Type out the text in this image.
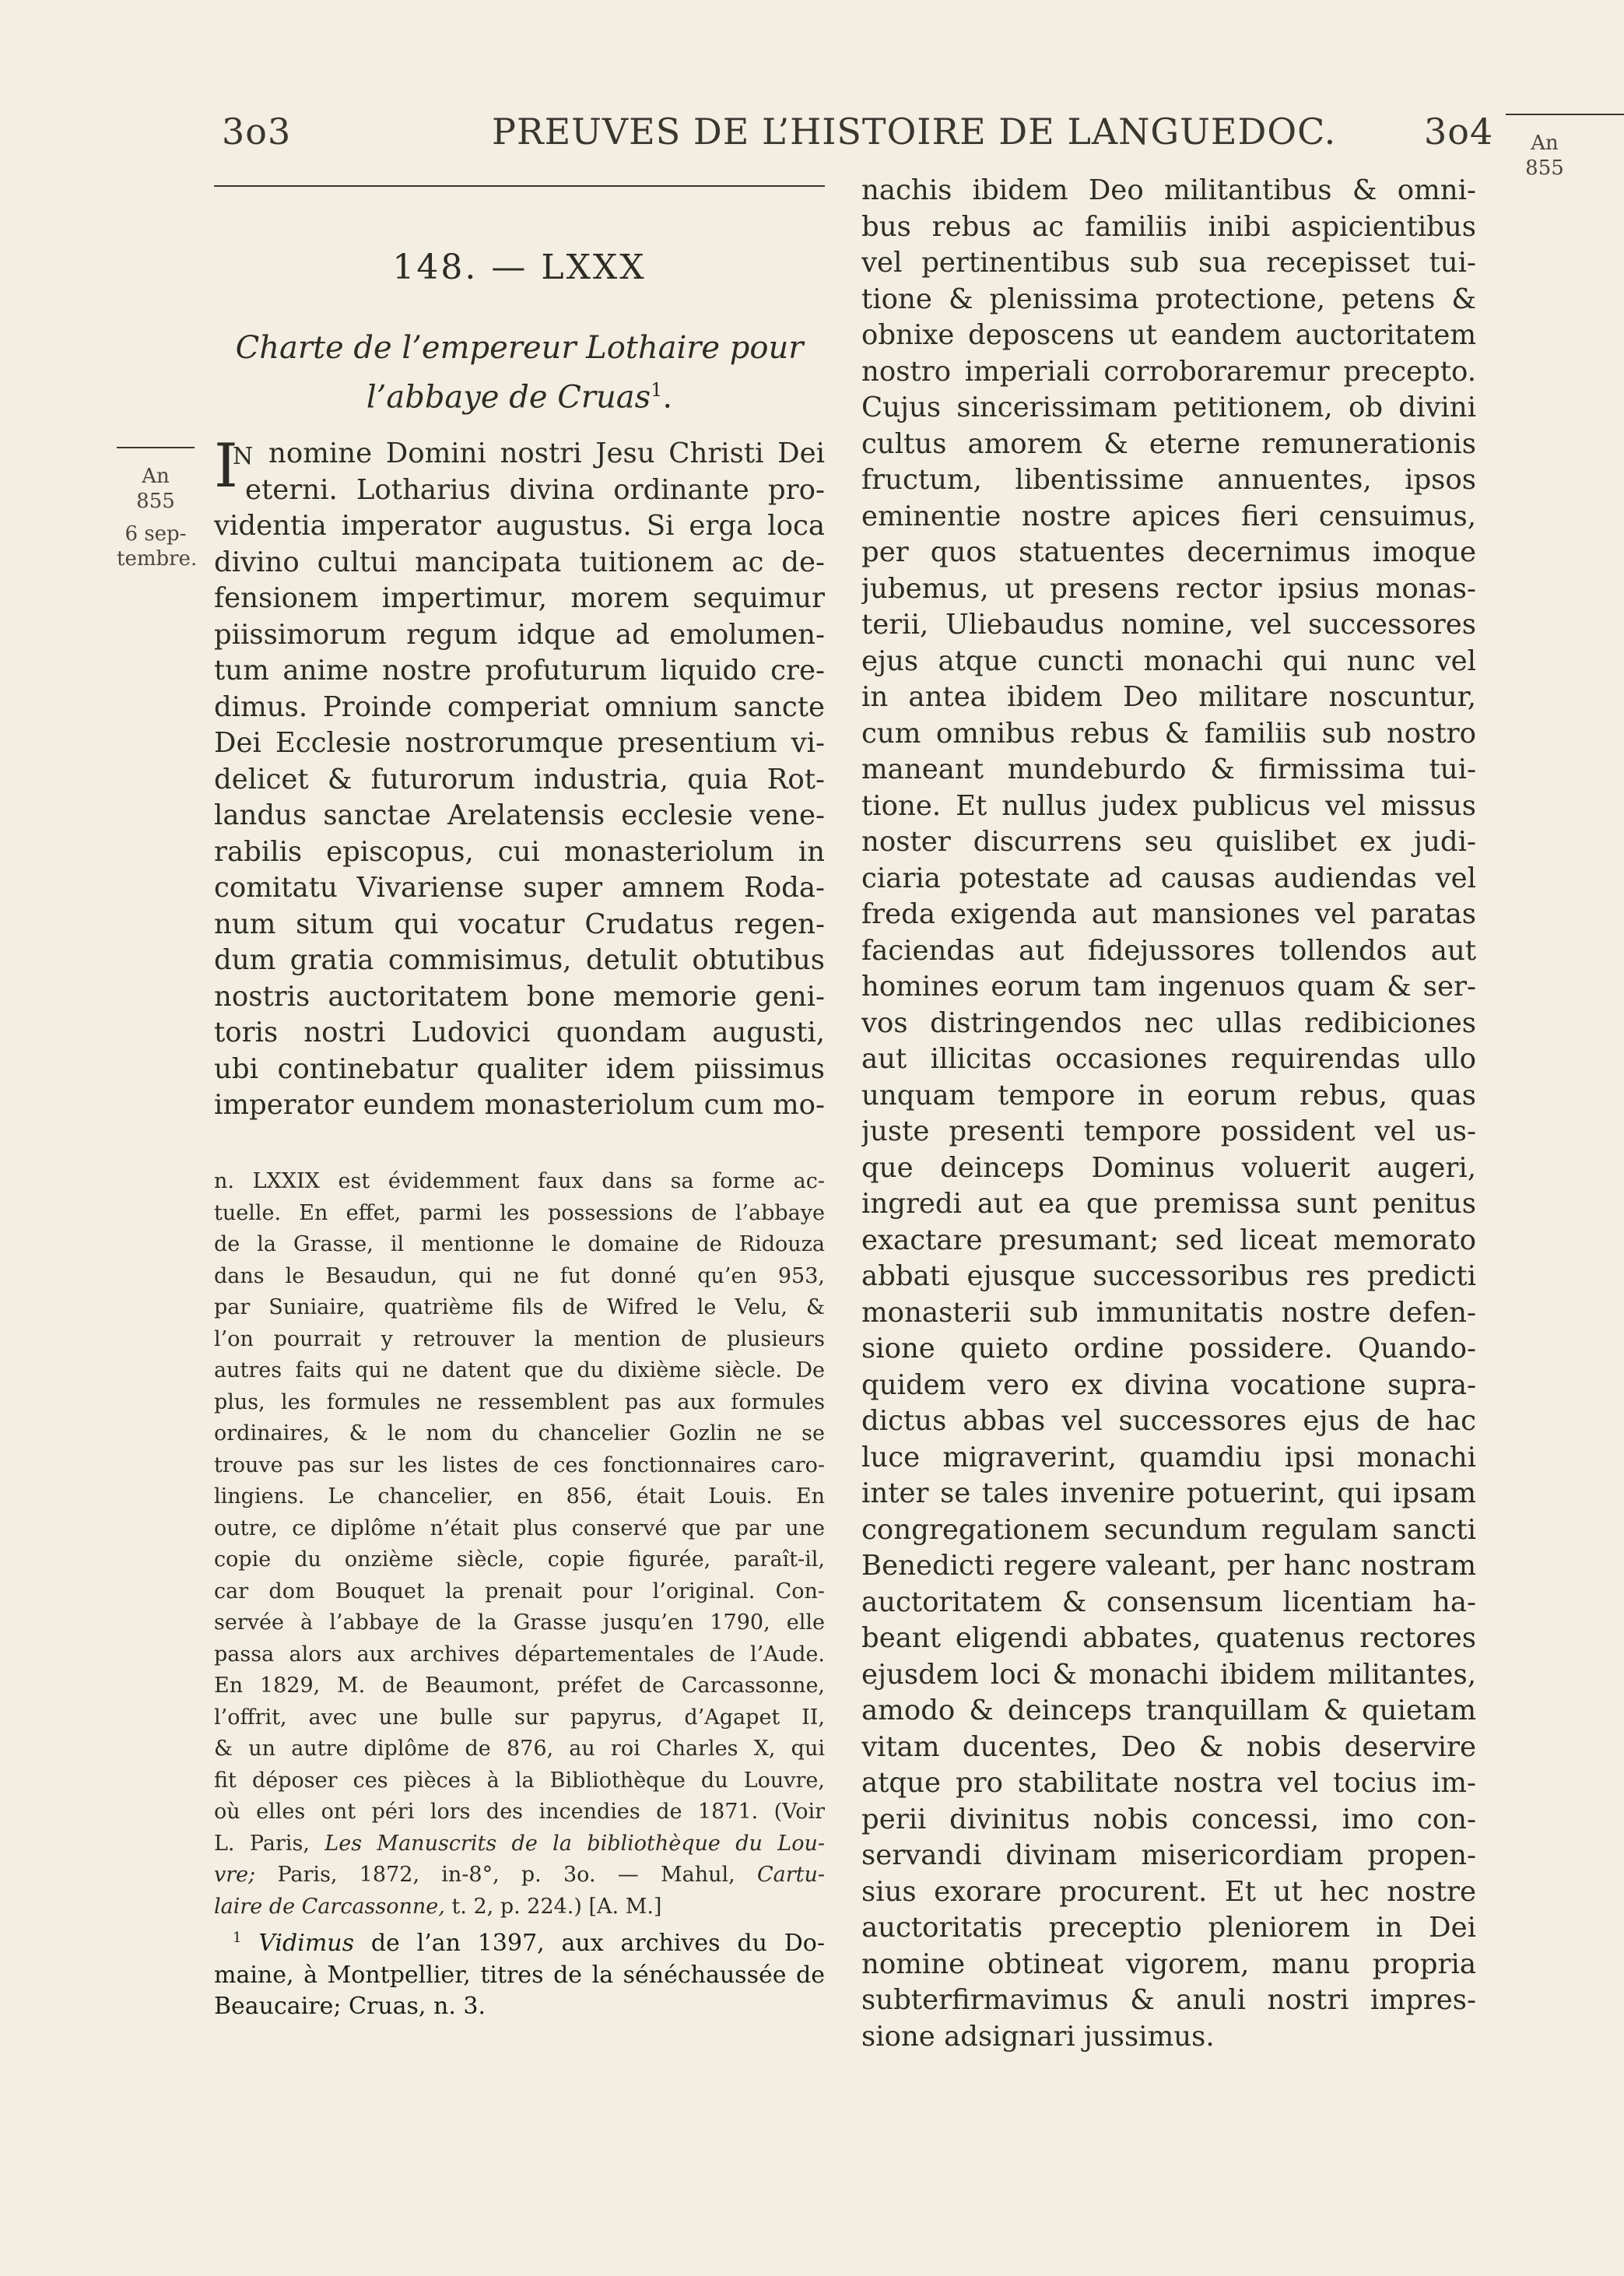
3o3	PREUVES DE L’HISTOIRE DE LANGUEDOC. 3o4	An
855
148. — LXXX
Charte de l’empereur Lothaire pour
l’abbaye de Cruas$^1$.
An
855
6 sep-
tembre.
I
N nomine Domini nostri Jesu Christi Dei
eterni. Lotharius divina ordinante pro-
videntia imperator augustus. Si erga loca
divino cultui mancipata tuitionem ac de-
fensionem impertimur, morem sequimur
piissimorum regum idque ad emolumen-
tum anime nostre profuturum liquido cre-
dimus. Proinde comperiat omnium sancte
Dei Ecclesie nostrorumque presentium vi-
delicet & futurorum industria, quia Rot-
landus sanctae Arelatensis ecclesie vene-
rabilis episcopus, cui monasteriolum in
comitatu Vivariense super amnem Roda-
num situm qui vocatur Crudatus regen-
dum gratia commisimus, detulit obtutibus
nostris auctoritatem bone memorie geni-
toris nostri Ludovici quondam augusti,
ubi continebatur qualiter idem piissimus
imperator eundem monasteriolum cum mo-
n. LXXIX est évidemment faux dans sa forme ac-
tuelle. En effet, parmi les possessions de l’abbaye
de la Grasse, il mentionne le domaine de Ridouza
dans le Besaudun, qui ne fut donné qu’en 953,
par Suniaire, quatrième fils de Wifred le Velu, &
l’on pourrait y retrouver la mention de plusieurs
autres faits qui ne datent que du dixième siècle. De
plus, les formules ne ressemblent pas aux formules
ordinaires, & le nom du chancelier Gozlin ne se
trouve pas sur les listes de ces fonctionnaires caro-
lingiens. Le chancelier, en 856, était Louis. En
outre, ce diplôme n’était plus conservé que par une
copie du onzième siècle, copie figurée, paraît-il,
car dom Bouquet la prenait pour l’original. Con-
servée à l’abbaye de la Grasse jusqu’en 1790, elle
passa alors aux archives départementales de l’Aude.
En 1829, M. de Beaumont, préfet de Carcassonne,
l’offrit, avec une bulle sur papyrus, d’Agapet II,
& un autre diplôme de 876, au roi Charles X, qui
fit déposer ces pièces à la Bibliothèque du Louvre,
où elles ont péri lors des incendies de 1871. (Voir
L. Paris, Les Manuscrits de la bibliothèque du Lou-
vre; Paris, 1872, in-8°, p. 3o. — Mahul, Cartu-
laire de Carcassonne, t. 2, p. 224.) [A. M.]
$^1$ Vidimus de l’an 1397, aux archives du Do-
maine, à Montpellier, titres de la sénéchaussée de
Beaucaire; Cruas, n. 3.
nachis ibidem Deo militantibus & omni-
bus rebus ac familiis inibi aspicientibus
vel pertinentibus sub sua recepisset tui-
tione & plenissima protectione, petens &
obnixe deposcens ut eandem auctoritatem
nostro imperiali corroboraremur precepto.
Cujus sincerissimam petitionem, ob divini
cultus amorem & eterne remunerationis
fructum, libentissime annuentes, ipsos
eminentie nostre apices fieri censuimus,
per quos statuentes decernimus imoque
jubemus, ut presens rector ipsius monas-
terii, Uliebaudus nomine, vel successores
ejus atque cuncti monachi qui nunc vel
in antea ibidem Deo militare noscuntur,
cum omnibus rebus & familiis sub nostro
maneant mundeburdo & firmissima tui-
tione. Et nullus judex publicus vel missus
noster discurrens seu quislibet ex judi-
ciaria potestate ad causas audiendas vel
freda exigenda aut mansiones vel paratas
faciendas aut fidejussores tollendos aut
homines eorum tam ingenuos quam & ser-
vos distringendos nec ullas redibiciones
aut illicitas occasiones requirendas ullo
unquam tempore in eorum rebus, quas
juste presenti tempore possident vel us-
que deinceps Dominus voluerit augeri,
ingredi aut ea que premissa sunt penitus
exactare presumant; sed liceat memorato
abbati ejusque successoribus res predicti
monasterii sub immunitatis nostre defen-
sione quieto ordine possidere. Quando-
quidem vero ex divina vocatione supra-
dictus abbas vel successores ejus de hac
luce migraverint, quamdiu ipsi monachi
inter se tales invenire potuerint, qui ipsam
congregationem secundum regulam sancti
Benedicti regere valeant, per hanc nostram
auctoritatem & consensum licentiam ha-
beant eligendi abbates, quatenus rectores
ejusdem loci & monachi ibidem militantes,
amodo & deinceps tranquillam & quietam
vitam ducentes, Deo & nobis deservire
atque pro stabilitate nostra vel tocius im-
perii divinitus nobis concessi, imo con-
servandi divinam misericordiam propen-
sius exorare procurent. Et ut hec nostre
auctoritatis preceptio pleniorem in Dei
nomine obtineat vigorem, manu propria
subterfirmavimus & anuli nostri impres-
sione adsignari jussimus.
